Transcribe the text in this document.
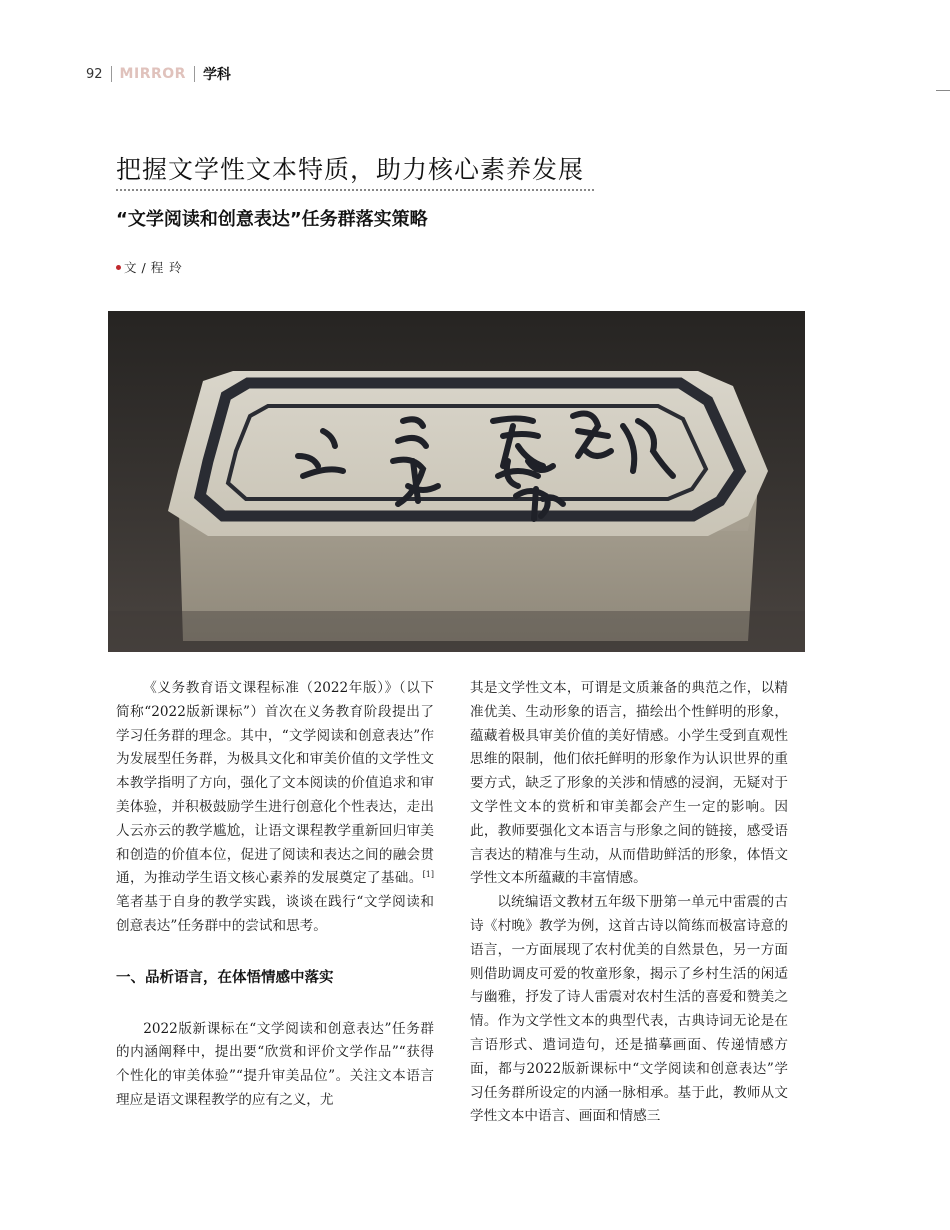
92 MIRROR 学科
把握文学性文本特质，助力核心素养发展
“文学阅读和创意表达”任务群落实策略
文 / 程 玲

《义务教育语文课程标准（2022年版）》（以下简称“2022版新课标”）首次在义务教育阶段提出了学习任务群的理念。其中，“文学阅读和创意表达”作为发展型任务群，为极具文化和审美价值的文学性文本教学指明了方向，强化了文本阅读的价值追求和审美体验，并积极鼓励学生进行创意化个性表达，走出人云亦云的教学尴尬，让语文课程教学重新回归审美和创造的价值本位，促进了阅读和表达之间的融会贯通，为推动学生语文核心素养的发展奠定了基础。[1]笔者基于自身的教学实践，谈谈在践行“文学阅读和创意表达”任务群中的尝试和思考。

一、品析语言，在体悟情感中落实

2022版新课标在“文学阅读和创意表达”任务群的内涵阐释中，提出要“欣赏和评价文学作品”“获得个性化的审美体验”“提升审美品位”。关注文本语言理应是语文课程教学的应有之义，尤

其是文学性文本，可谓是文质兼备的典范之作，以精准优美、生动形象的语言，描绘出个性鲜明的形象，蕴藏着极具审美价值的美好情感。小学生受到直观性思维的限制，他们依托鲜明的形象作为认识世界的重要方式，缺乏了形象的关涉和情感的浸润，无疑对于文学性文本的赏析和审美都会产生一定的影响。因此，教师要强化文本语言与形象之间的链接，感受语言表达的精准与生动，从而借助鲜活的形象，体悟文学性文本所蕴藏的丰富情感。

以统编语文教材五年级下册第一单元中雷震的古诗《村晚》教学为例，这首古诗以简练而极富诗意的语言，一方面展现了农村优美的自然景色，另一方面则借助调皮可爱的牧童形象，揭示了乡村生活的闲适与幽雅，抒发了诗人雷震对农村生活的喜爱和赞美之情。作为文学性文本的典型代表，古典诗词无论是在言语形式、遣词造句，还是描摹画面、传递情感方面，都与2022版新课标中“文学阅读和创意表达”学习任务群所设定的内涵一脉相承。基于此，教师从文学性文本中语言、画面和情感三
